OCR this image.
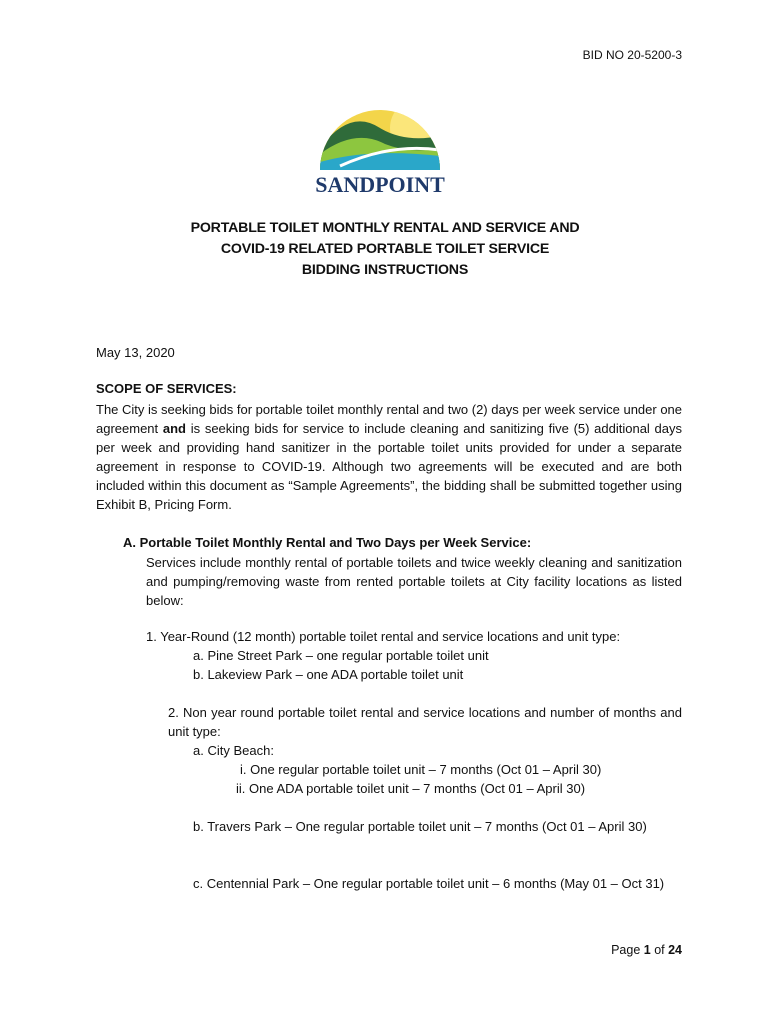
BID NO 20-5200-3
SANDPOINT
PORTABLE TOILET MONTHLY RENTAL AND SERVICE AND
COVID-19 RELATED PORTABLE TOILET SERVICE
BIDDING INSTRUCTIONS
May 13, 2020
SCOPE OF SERVICES:
The City is seeking bids for portable toilet monthly rental and two (2) days per week service under one agreement and is seeking bids for service to include cleaning and sanitizing five (5) additional days per week and providing hand sanitizer in the portable toilet units provided for under a separate agreement in response to COVID-19. Although two agreements will be executed and are both included within this document as “Sample Agreements”, the bidding shall be submitted together using Exhibit B, Pricing Form.
A. Portable Toilet Monthly Rental and Two Days per Week Service:
Services include monthly rental of portable toilets and twice weekly cleaning and sanitization and pumping/removing waste from rented portable toilets at City facility locations as listed below:
1. Year-Round (12 month) portable toilet rental and service locations and unit type:
a. Pine Street Park – one regular portable toilet unit
b. Lakeview Park – one ADA portable toilet unit
2. Non year round portable toilet rental and service locations and number of months and unit type:
a. City Beach:
i. One regular portable toilet unit – 7 months (Oct 01 – April 30)
ii. One ADA portable toilet unit – 7 months (Oct 01 – April 30)
b. Travers Park – One regular portable toilet unit – 7 months (Oct 01 – April 30)
c. Centennial Park – One regular portable toilet unit – 6 months (May 01 – Oct 31)
Page 1 of 24
